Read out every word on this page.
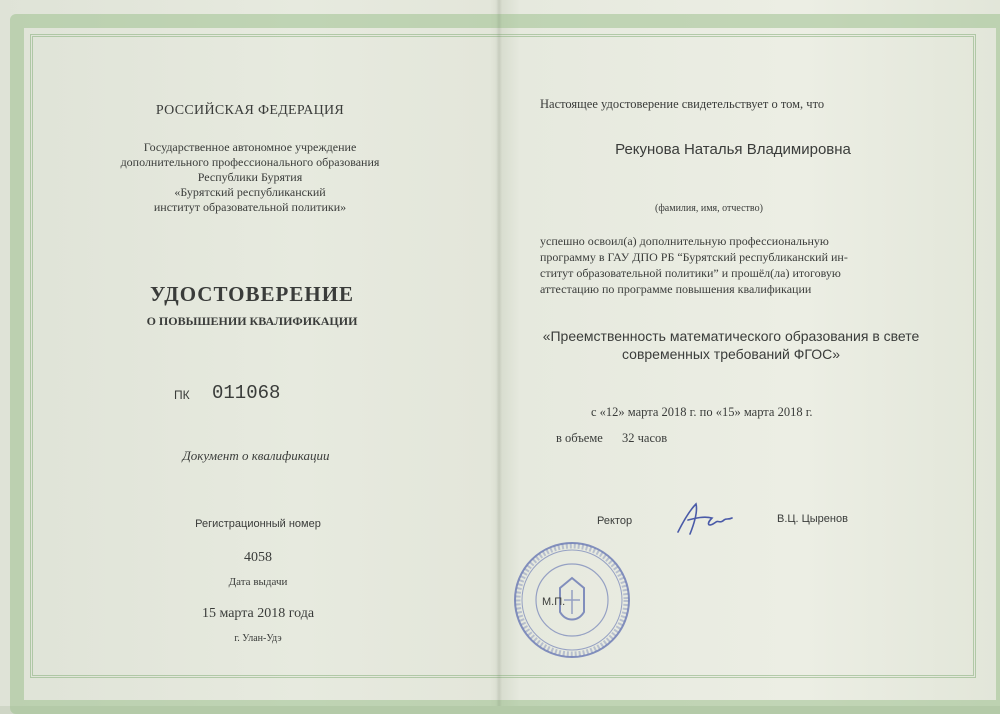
РОССИЙСКАЯ ФЕДЕРАЦИЯ
Государственное автономное учреждение
дополнительного профессионального образования
Республики Бурятия
«Бурятский республиканский
институт образовательной политики»
УДОСТОВЕРЕНИЕ
О ПОВЫШЕНИИ КВАЛИФИКАЦИИ
ПК 011068
Документ о квалификации
Регистрационный номер
4058
Дата выдачи
15 марта 2018 года
г. Улан-Удэ
Настоящее удостоверение свидетельствует о том, что
Рекунова Наталья Владимировна
(фамилия, имя, отчество)
успешно освоил(а) дополнительную профессиональную
программу в ГАУ ДПО РБ “Бурятский республиканский ин-
ститут образовательной политики” и прошёл(ла) итоговую
аттестацию по программе повышения квалификации
«Преемственность математического образования в свете
современных требований ФГОС»
с «12» марта 2018 г. по «15» марта 2018 г.
в объеме 32 часов
Ректор	В.Ц. Цыренов
М.П.
